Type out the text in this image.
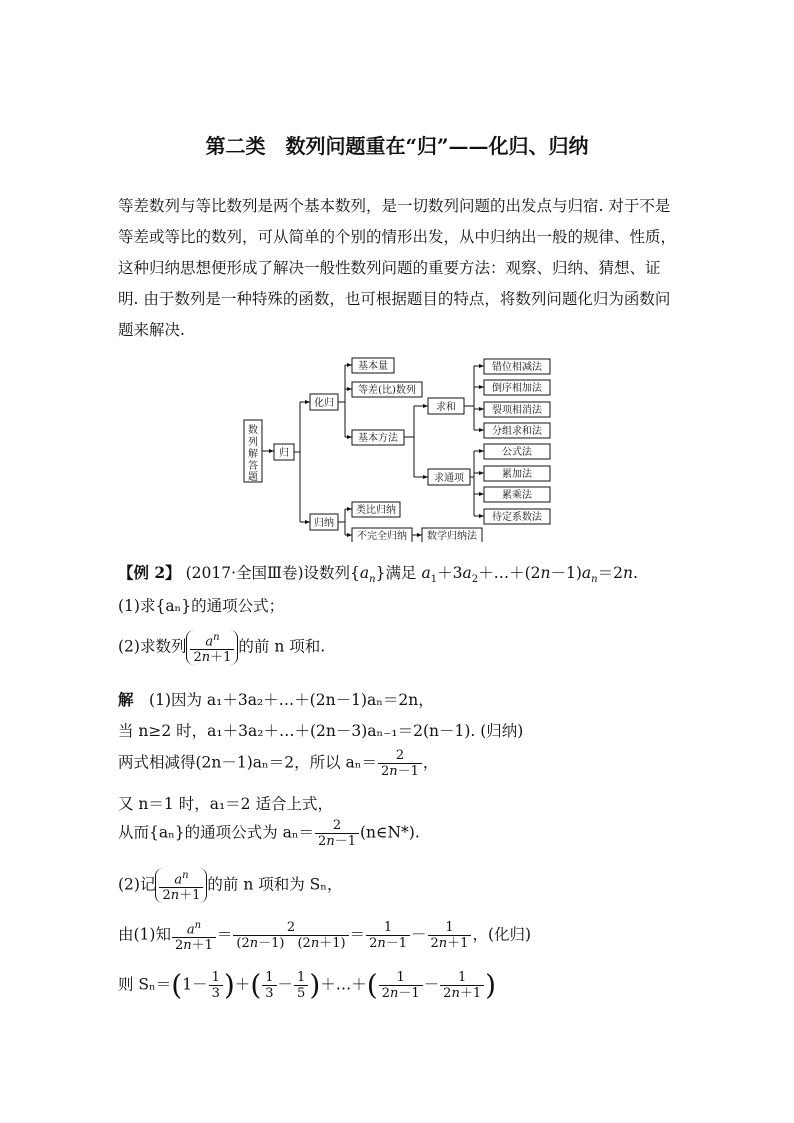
第二类　数列问题重在“归”——化归、归纳
等差数列与等比数列是两个基本数列，是一切数列问题的出发点与归宿. 对于不是
等差或等比的数列，可从简单的个别的情形出发，从中归纳出一般的规律、性质，
这种归纳思想便形成了解决一般性数列问题的重要方法：观察、归纳、猜想、证
明. 由于数列是一种特殊的函数，也可根据题目的特点，将数列问题化归为函数问
题来解决.
数
列
解
答
题
归
化归
归纳
基本量
等差(比)数列
基本方法
求和
求通项
错位相减法
倒序相加法
裂项相消法
分组求和法
公式法
累加法
累乘法
待定系数法
类比归纳
不完全归纳 数学归纳法
【例 2】 (2017·全国Ⅲ卷)设数列$\{a_n\}$满足 $a_1+3a_2+\dots+(2n-1)a_n=2n$.
(1)求{aₙ}的通项公式；
(2)求数列 $\frac{a^n}{2n+1}$ 的前 n 项和.
解　 (1)因为 a₁＋3a₂＋…＋(2n－1)aₙ＝2n，
当 n≥2 时，a₁＋3a₂＋…＋(2n－3)aₙ₋₁＝2(n－1). (归纳)
两式相减得(2n－1)aₙ＝2，所以 $a_n= \frac{2}{2n-1}$ ，
又 n＝1 时，a₁＝2 适合上式，
从而{aₙ}的通项公式为 $a_n= \frac{2}{2n-1}$ (n∈N*).
(2)记 $\frac{a^n}{2n+1}$ 的前 n 项和为 Sₙ，
由(1)知 $\frac{a^n}{2n+1} = \frac{2}{(2n-1) (2n+1)} = \frac{1}{2n-1} - \frac{1}{2n+1}$ ，(化归)
则 $S_n=(1- \frac{1}{3}$ )＋( $\frac{1}{3} - \frac{1}{5}$ )＋…＋( $\frac{1}{2n-1} - \frac{1}{2n+1}$ )
